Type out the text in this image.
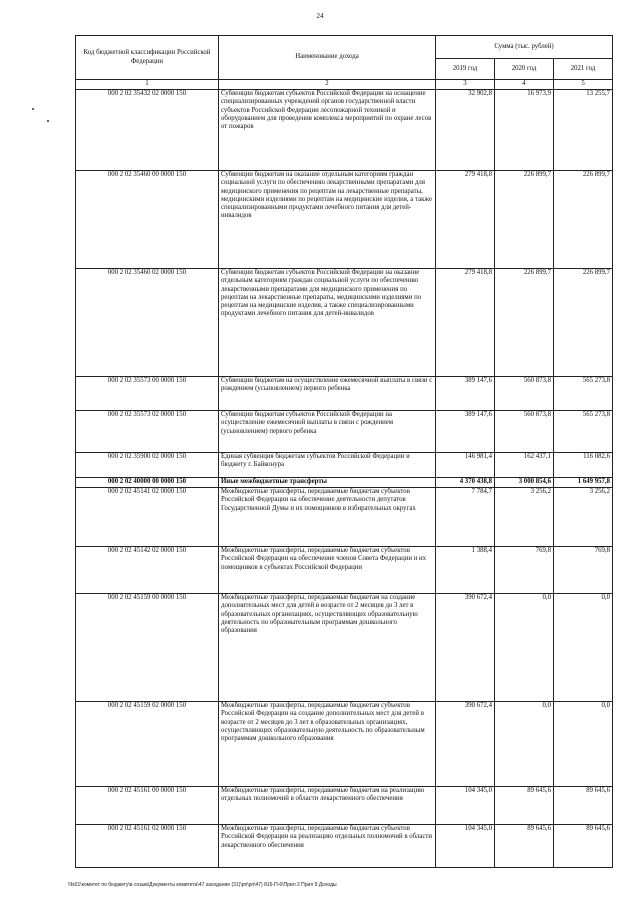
24
Код бюджетной классификации Российской Федерации	Наименование дохода	Сумма (тыс. рублей)		
		2019 год	2020 год	2021 год
1	2	3	4	5
000 2 02 35432 02 0000 150	Субвенции бюджетам субъектов Российской Федерации на оснащение специализированных учреждений органов государственной власти субъектов Российской Федерации лесопожарной техникой и оборудованием для проведения комплекса мероприятий по охране лесов от пожаров	32 902,8	16 973,9	13 255,7
000 2 02 35460 00 0000 150	Субвенции бюджетам на оказание отдельным категориям граждан социальной услуги по обеспечению лекарственными препаратами для медицинского применения по рецептам на лекарственные препараты, медицинскими изделиями по рецептам на медицинские изделия, а также специализированными продуктами лечебного питания для детей-инвалидов	279 418,8	226 899,7	226 899,7
000 2 02 35460 02 0000 150	Субвенции бюджетам субъектов Российской Федерации на оказание отдельным категориям граждан социальной услуги по обеспечению лекарственными препаратами для медицинского применения по рецептам на лекарственные препараты, медицинскими изделиями по рецептам на медицинские изделия, а также специализированными продуктами лечебного питания для детей-инвалидов	279 418,8	226 899,7	226 899,7
000 2 02 35573 00 0000 150	Субвенции бюджетам на осуществление ежемесячной выплаты в связи с рождением (усыновлением) первого ребенка	389 147,6	560 873,8	565 273,8
000 2 02 35573 02 0000 150	Субвенции бюджетам субъектов Российской Федерации на осуществление ежемесячной выплаты в связи с рождением (усыновлением) первого ребенка	389 147,6	560 873,8	565 273,8
000 2 02 35900 02 0000 150	Единая субвенция бюджетам субъектов Российской Федерации и бюджету г. Байконура	146 981,4	162 437,1	116 082,6
000 2 02 40000 00 0000 150	Иные межбюджетные трансферты	4 370 438,8	3 000 854,6	1 649 957,8
000 2 02 45141 02 0000 150	Межбюджетные трансферты, передаваемые бюджетам субъектов Российской Федерации на обеспечение деятельности депутатов Государственной Думы и их помощников в избирательных округах	7 784,7	3 256,2	3 256,2
000 2 02 45142 02 0000 150	Межбюджетные трансферты, передаваемые бюджетам субъектов Российской Федерации на обеспечение членов Совета Федерации и их помощников в субъектах Российской Федерации	1 388,4	769,8	769,8
000 2 02 45159 00 0000 150	Межбюджетные трансферты, передаваемые бюджетам на создание дополнительных мест для детей в возрасте от 2 месяцев до 3 лет в образовательных организациях, осуществляющих образовательную деятельность по образовательным программам дошкольного образования	390 672,4	0,0	0,0
000 2 02 45159 02 0000 150	Межбюджетные трансферты, передаваемые бюджетам субъектов Российской Федерации на создание дополнительных мест для детей в возрасте от 2 месяцев до 3 лет в образовательных организациях, осуществляющих образовательную деятельность по образовательным программам дошкольного образования	390 672,4	0,0	0,0
000 2 02 45161 00 0000 150	Межбюджетные трансферты, передаваемые бюджетам на реализацию отдельных полномочий в области лекарственного обеспечения	104 345,0	89 645,6	89 645,6
000 2 02 45161 02 0000 150	Межбюджетные трансферты, передаваемые бюджетам субъектов Российской Федерации на реализацию отдельных полномочий в области лекарственного обеспечения	104 345,0	89 645,6	89 645,6
\\fs01\комитет по бюджету\в созыв\Документы комитета\47 заседание (31)\рп\рп\47) 816-П-6\Прил 2 Прил 9 Доходы
